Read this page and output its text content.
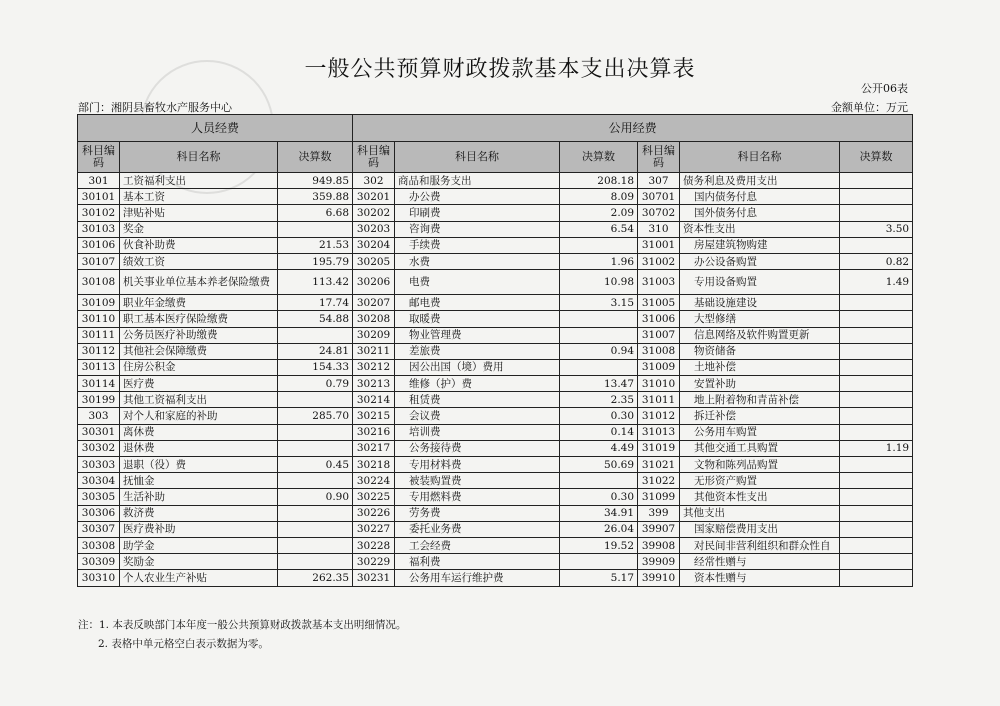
一般公共预算财政拨款基本支出决算表
公开06表
部门：湘阴县畜牧水产服务中心	金额单位：万元
人员经费			公用经费					
科目编码	科目名称	决算数	科目编码	科目名称	决算数	科目编码	科目名称	决算数
301	工资福利支出	949.85	302	商品和服务支出	208.18	307	债务利息及费用支出	
30101	基本工资	359.88	30201	办公费	8.09	30701	国内债务付息	
30102	津贴补贴	6.68	30202	印刷费	2.09	30702	国外债务付息	
30103	奖金		30203	咨询费	6.54	310	资本性支出	3.50
30106	伙食补助费	21.53	30204	手续费		31001	房屋建筑物购建	
30107	绩效工资	195.79	30205	水费	1.96	31002	办公设备购置	0.82
30108	机关事业单位基本养老保险缴费	113.42	30206	电费	10.98	31003	专用设备购置	1.49
30109	职业年金缴费	17.74	30207	邮电费	3.15	31005	基础设施建设	
30110	职工基本医疗保险缴费	54.88	30208	取暖费		31006	大型修缮	
30111	公务员医疗补助缴费		30209	物业管理费		31007	信息网络及软件购置更新	
30112	其他社会保障缴费	24.81	30211	差旅费	0.94	31008	物资储备	
30113	住房公积金	154.33	30212	因公出国（境）费用		31009	土地补偿	
30114	医疗费	0.79	30213	维修（护）费	13.47	31010	安置补助	
30199	其他工资福利支出		30214	租赁费	2.35	31011	地上附着物和青苗补偿	
303	对个人和家庭的补助	285.70	30215	会议费	0.30	31012	拆迁补偿	
30301	离休费		30216	培训费	0.14	31013	公务用车购置	
30302	退休费		30217	公务接待费	4.49	31019	其他交通工具购置	1.19
30303	退职（役）费	0.45	30218	专用材料费	50.69	31021	文物和陈列品购置	
30304	抚恤金		30224	被装购置费		31022	无形资产购置	
30305	生活补助	0.90	30225	专用燃料费	0.30	31099	其他资本性支出	
30306	救济费		30226	劳务费	34.91	399	其他支出	
30307	医疗费补助		30227	委托业务费	26.04	39907	国家赔偿费用支出	
30308	助学金		30228	工会经费	19.52	39908	对民间非营利组织和群众性自	
30309	奖励金		30229	福利费		39909	经常性赠与	
30310	个人农业生产补贴	262.35	30231	公务用车运行维护费	5.17	39910	资本性赠与	
注：1. 本表反映部门本年度一般公共预算财政拨款基本支出明细情况。
2. 表格中单元格空白表示数据为零。
